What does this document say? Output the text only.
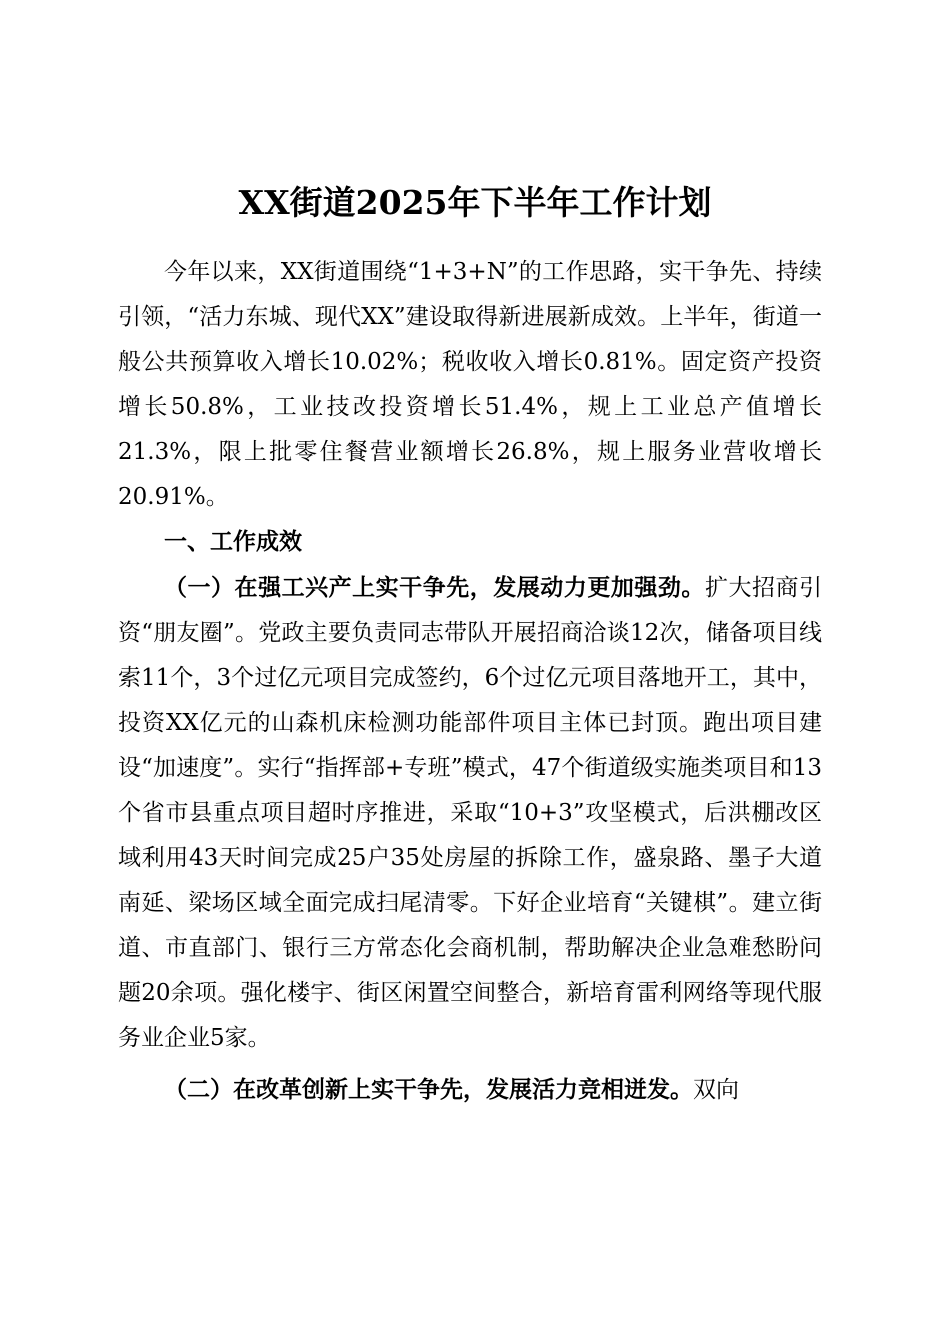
XX街道2025年下半年工作计划

今年以来，XX街道围绕“1+3+N”的工作思路，实干争先、持续引领，“活力东城、现代XX”建设取得新进展新成效。上半年，街道一般公共预算收入增长10.02%；税收收入增长0.81%。固定资产投资增长50.8%，工业技改投资增长51.4%，规上工业总产值增长21.3%，限上批零住餐营业额增长26.8%，规上服务业营收增长20.91%。

一、工作成效

（一）在强工兴产上实干争先，发展动力更加强劲。扩大招商引资“朋友圈”。党政主要负责同志带队开展招商洽谈12次，储备项目线索11个，3个过亿元项目完成签约，6个过亿元项目落地开工，其中，投资XX亿元的山森机床检测功能部件项目主体已封顶。跑出项目建设“加速度”。实行“指挥部+专班”模式，47个街道级实施类项目和13个省市县重点项目超时序推进，采取“10+3”攻坚模式，后洪棚改区域利用43天时间完成25户35处房屋的拆除工作，盛泉路、墨子大道南延、梁场区域全面完成扫尾清零。下好企业培育“关键棋”。建立街道、市直部门、银行三方常态化会商机制，帮助解决企业急难愁盼问题20余项。强化楼宇、街区闲置空间整合，新培育雷利网络等现代服务业企业5家。

（二）在改革创新上实干争先，发展活力竞相迸发。双向
